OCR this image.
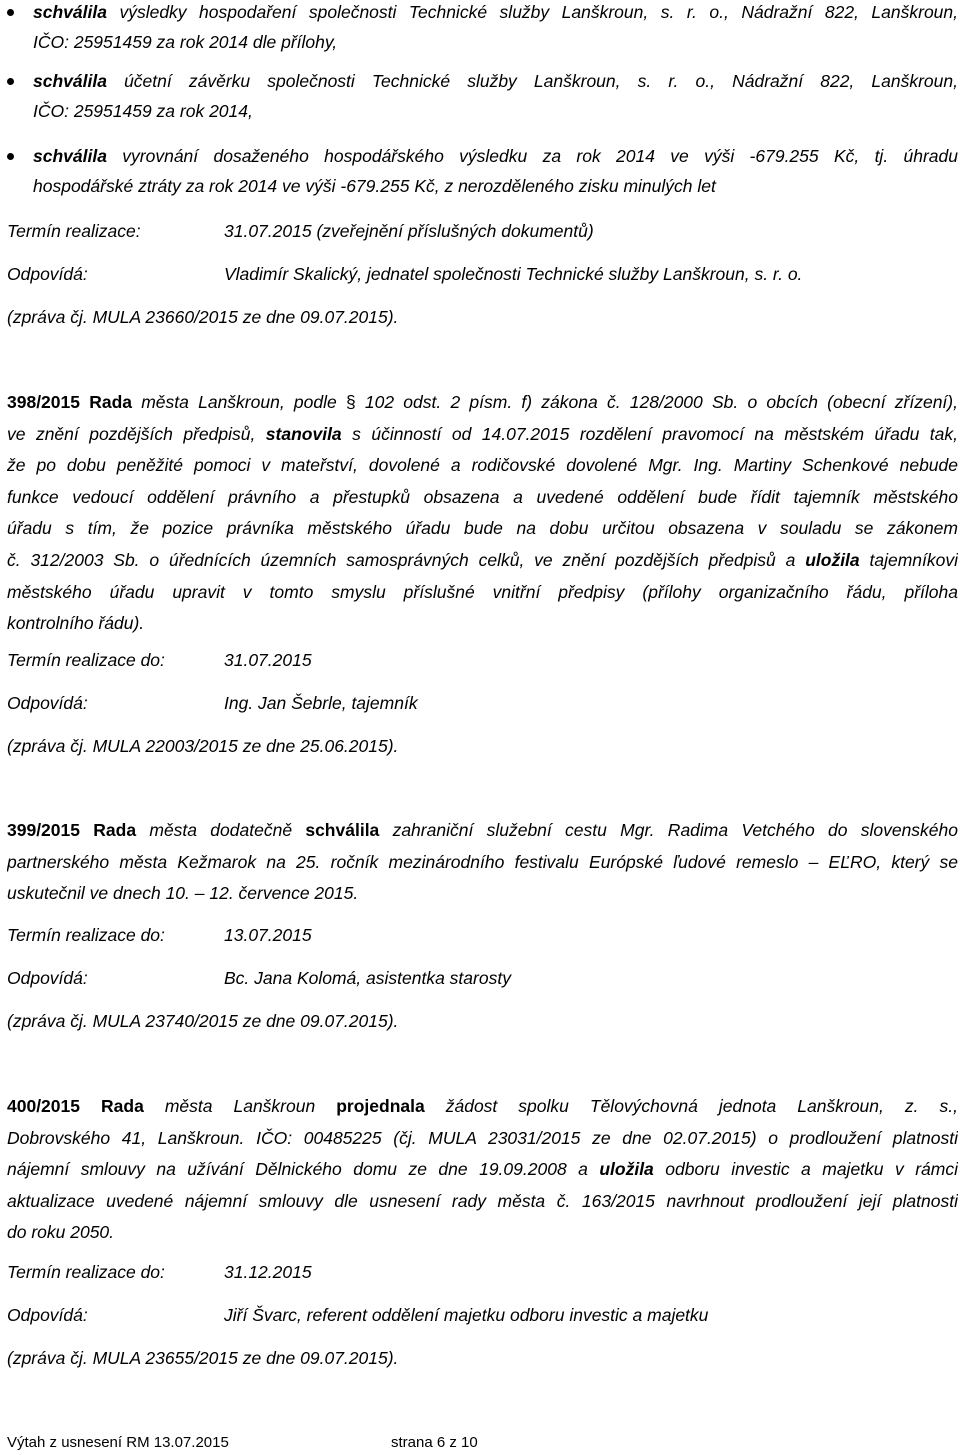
schválila výsledky hospodaření společnosti Technické služby Lanškroun, s. r. o., Nádražní 822, Lanškroun,
IČO: 25951459 za rok 2014 dle přílohy,
schválila účetní závěrku společnosti Technické služby Lanškroun, s. r. o., Nádražní 822, Lanškroun,
IČO: 25951459 za rok 2014,
schválila vyrovnání dosaženého hospodářského výsledku za rok 2014 ve výši -679.255 Kč, tj. úhradu
hospodářské ztráty za rok 2014 ve výši -679.255 Kč, z nerozděleného zisku minulých let
Termín realizace:	31.07.2015 (zveřejnění příslušných dokumentů)
Odpovídá:	Vladimír Skalický, jednatel společnosti Technické služby Lanškroun, s. r. o.
(zpráva čj. MULA 23660/2015 ze dne 09.07.2015).
398/2015 Rada města Lanškroun, podle § 102 odst. 2 písm. f) zákona č. 128/2000 Sb. o obcích (obecní zřízení),
ve znění pozdějších předpisů, stanovila s účinností od 14.07.2015 rozdělení pravomocí na městském úřadu tak,
že po dobu peněžité pomoci v mateřství, dovolené a rodičovské dovolené Mgr. Ing. Martiny Schenkové nebude
funkce vedoucí oddělení právního a přestupků obsazena a uvedené oddělení bude řídit tajemník městského
úřadu s tím, že pozice právníka městského úřadu bude na dobu určitou obsazena v souladu se zákonem
č. 312/2003 Sb. o úřednících územních samosprávných celků, ve znění pozdějších předpisů a uložila tajemníkovi
městského úřadu upravit v tomto smyslu příslušné vnitřní předpisy (přílohy organizačního řádu, příloha
kontrolního řádu).
Termín realizace do:	31.07.2015
Odpovídá:	Ing. Jan Šebrle, tajemník
(zpráva čj. MULA 22003/2015 ze dne 25.06.2015).
399/2015 Rada města dodatečně schválila zahraniční služební cestu Mgr. Radima Vetchého do slovenského
partnerského města Kežmarok na 25. ročník mezinárodního festivalu Európské ľudové remeslo – EĽRO, který se
uskutečnil ve dnech 10. – 12. července 2015.
Termín realizace do:	13.07.2015
Odpovídá:	Bc. Jana Kolomá, asistentka starosty
(zpráva čj. MULA 23740/2015 ze dne 09.07.2015).
400/2015 Rada města Lanškroun projednala žádost spolku Tělovýchovná jednota Lanškroun, z. s.,
Dobrovského 41, Lanškroun. IČO: 00485225 (čj. MULA 23031/2015 ze dne 02.07.2015) o prodloužení platnosti
nájemní smlouvy na užívání Dělnického domu ze dne 19.09.2008 a uložila odboru investic a majetku v rámci
aktualizace uvedené nájemní smlouvy dle usnesení rady města č. 163/2015 navrhnout prodloužení její platnosti
do roku 2050.
Termín realizace do:	31.12.2015
Odpovídá:	Jiří Švarc, referent oddělení majetku odboru investic a majetku
(zpráva čj. MULA 23655/2015 ze dne 09.07.2015).
Výtah z usnesení RM 13.07.2015	strana 6 z 10
